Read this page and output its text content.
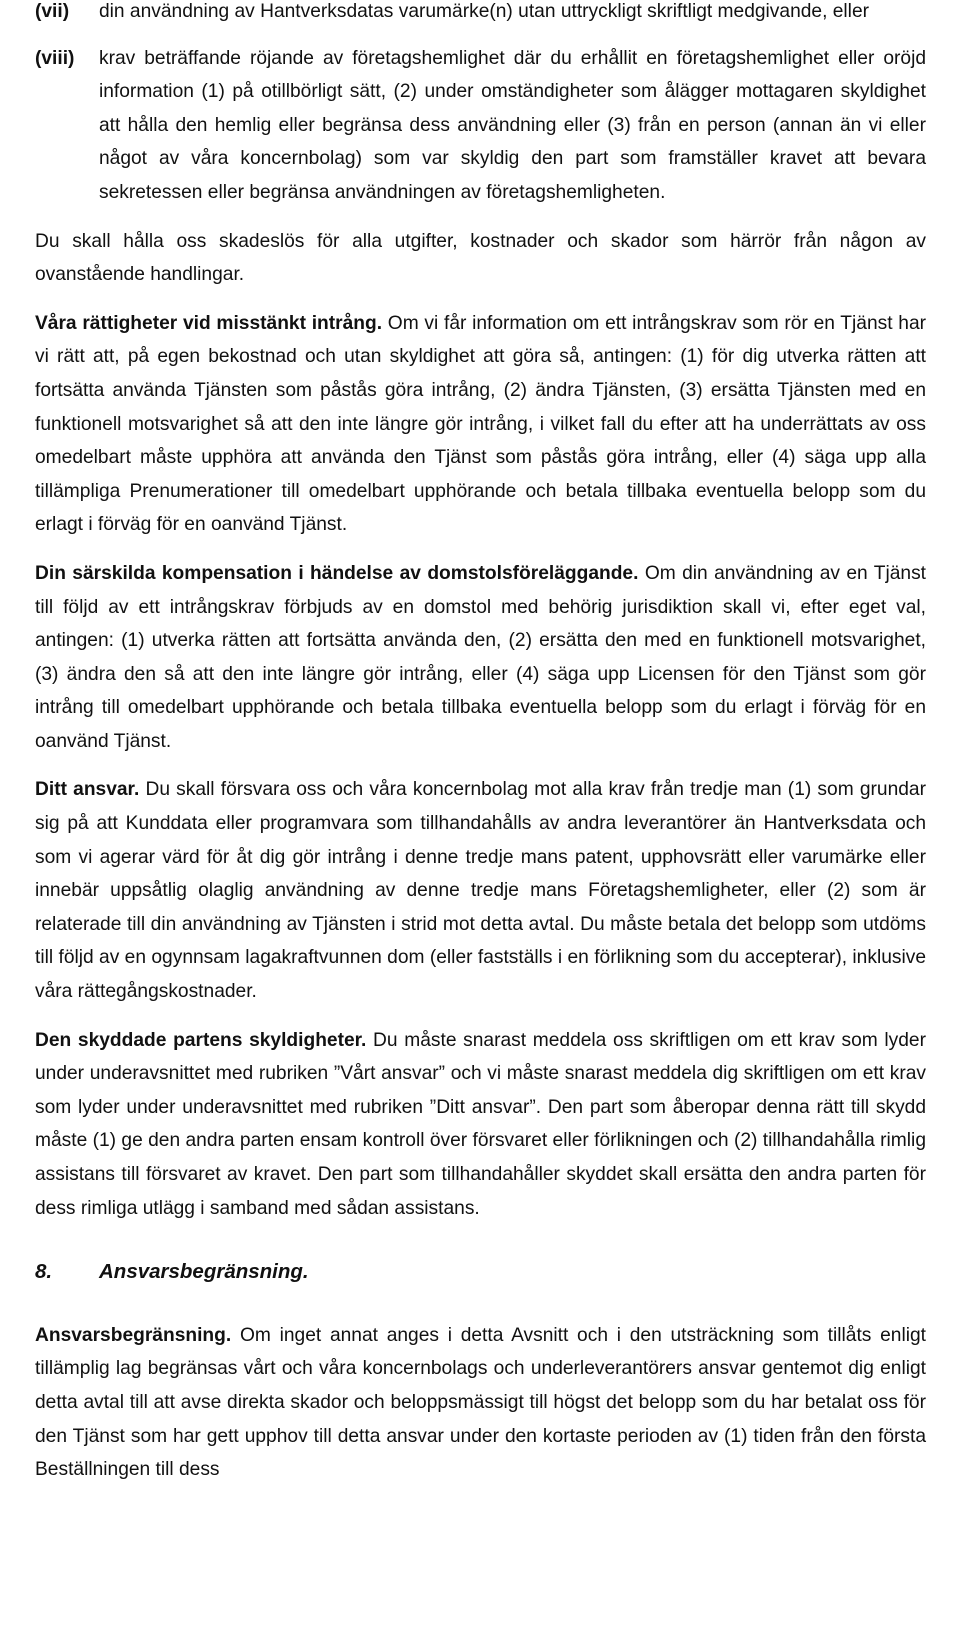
(vii)	din användning av Hantverksdatas varumärke(n) utan uttryckligt skriftligt medgivande, eller
(viii)	krav beträffande röjande av företagshemlighet där du erhållit en företagshemlighet eller oröjd information (1) på otillbörligt sätt, (2) under omständigheter som ålägger mottagaren skyldighet att hålla den hemlig eller begränsa dess användning eller (3) från en person (annan än vi eller något av våra koncernbolag) som var skyldig den part som framställer kravet att bevara sekretessen eller begränsa användningen av företagshemligheten.

Du skall hålla oss skadeslös för alla utgifter, kostnader och skador som härrör från någon av ovanstående handlingar.

Våra rättigheter vid misstänkt intrång. Om vi får information om ett intrångskrav som rör en Tjänst har vi rätt att, på egen bekostnad och utan skyldighet att göra så, antingen: (1) för dig utverka rätten att fortsätta använda Tjänsten som påstås göra intrång, (2) ändra Tjänsten, (3) ersätta Tjänsten med en funktionell motsvarighet så att den inte längre gör intrång, i vilket fall du efter att ha underrättats av oss omedelbart måste upphöra att använda den Tjänst som påstås göra intrång, eller (4) säga upp alla tillämpliga Prenumerationer till omedelbart upphörande och betala tillbaka eventuella belopp som du erlagt i förväg för en oanvänd Tjänst.

Din särskilda kompensation i händelse av domstolsföreläggande. Om din användning av en Tjänst till följd av ett intrångskrav förbjuds av en domstol med behörig jurisdiktion skall vi, efter eget val, antingen: (1) utverka rätten att fortsätta använda den, (2) ersätta den med en funktionell motsvarighet, (3) ändra den så att den inte längre gör intrång, eller (4) säga upp Licensen för den Tjänst som gör intrång till omedelbart upphörande och betala tillbaka eventuella belopp som du erlagt i förväg för en oanvänd Tjänst.

Ditt ansvar. Du skall försvara oss och våra koncernbolag mot alla krav från tredje man (1) som grundar sig på att Kunddata eller programvara som tillhandahålls av andra leverantörer än Hantverksdata och som vi agerar värd för åt dig gör intrång i denne tredje mans patent, upphovsrätt eller varumärke eller innebär uppsåtlig olaglig användning av denne tredje mans Företagshemligheter, eller (2) som är relaterade till din användning av Tjänsten i strid mot detta avtal. Du måste betala det belopp som utdöms till följd av en ogynnsam lagakraftvunnen dom (eller fastställs i en förlikning som du accepterar), inklusive våra rättegångskostnader.

Den skyddade partens skyldigheter. Du måste snarast meddela oss skriftligen om ett krav som lyder under underavsnittet med rubriken ”Vårt ansvar” och vi måste snarast meddela dig skriftligen om ett krav som lyder under underavsnittet med rubriken ”Ditt ansvar”. Den part som åberopar denna rätt till skydd måste (1) ge den andra parten ensam kontroll över försvaret eller förlikningen och (2) tillhandahålla rimlig assistans till försvaret av kravet. Den part som tillhandahåller skyddet skall ersätta den andra parten för dess rimliga utlägg i samband med sådan assistans.

8.	Ansvarsbegränsning.

Ansvarsbegränsning. Om inget annat anges i detta Avsnitt och i den utsträckning som tillåts enligt tillämplig lag begränsas vårt och våra koncernbolags och underleverantörers ansvar gentemot dig enligt detta avtal till att avse direkta skador och beloppsmässigt till högst det belopp som du har betalat oss för den Tjänst som har gett upphov till detta ansvar under den kortaste perioden av (1) tiden från den första Beställningen till dess
